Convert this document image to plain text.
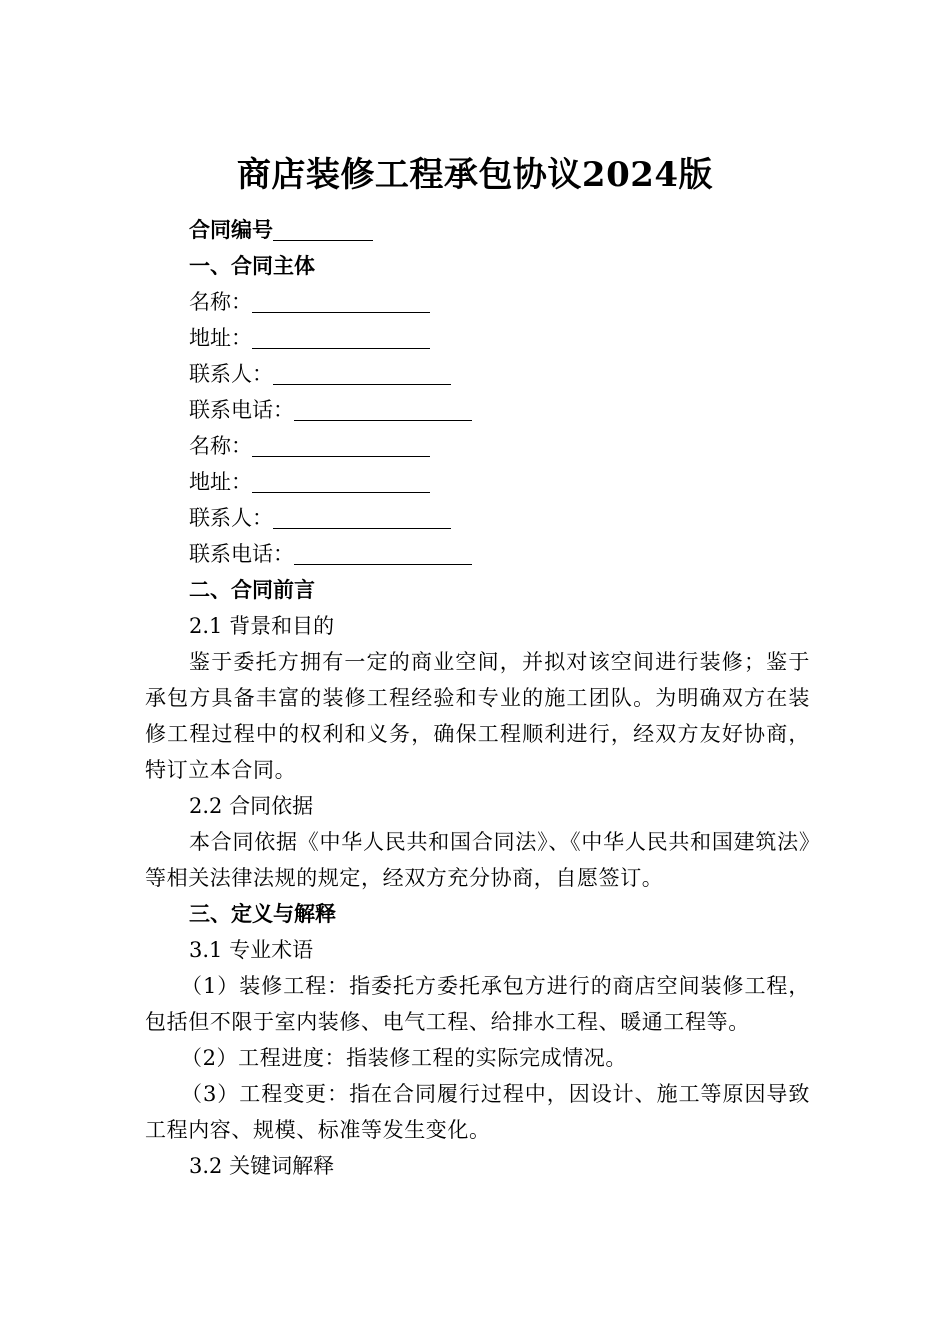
商店装修工程承包协议2024版

合同编号

一、合同主体

名称：

地址：

联系人：

联系电话：

名称：

地址：

联系人：

联系电话：

二、合同前言

2.1 背景和目的

鉴于委托方拥有一定的商业空间，并拟对该空间进行装修；鉴于承包方具备丰富的装修工程经验和专业的施工团队。为明确双方在装修工程过程中的权利和义务，确保工程顺利进行，经双方友好协商，特订立本合同。

2.2 合同依据

本合同依据《中华人民共和国合同法》、《中华人民共和国建筑法》等相关法律法规的规定，经双方充分协商，自愿签订。

三、定义与解释

3.1 专业术语

（1）装修工程：指委托方委托承包方进行的商店空间装修工程，包括但不限于室内装修、电气工程、给排水工程、暖通工程等。

（2）工程进度：指装修工程的实际完成情况。

（3）工程变更：指在合同履行过程中，因设计、施工等原因导致工程内容、规模、标准等发生变化。

3.2 关键词解释
